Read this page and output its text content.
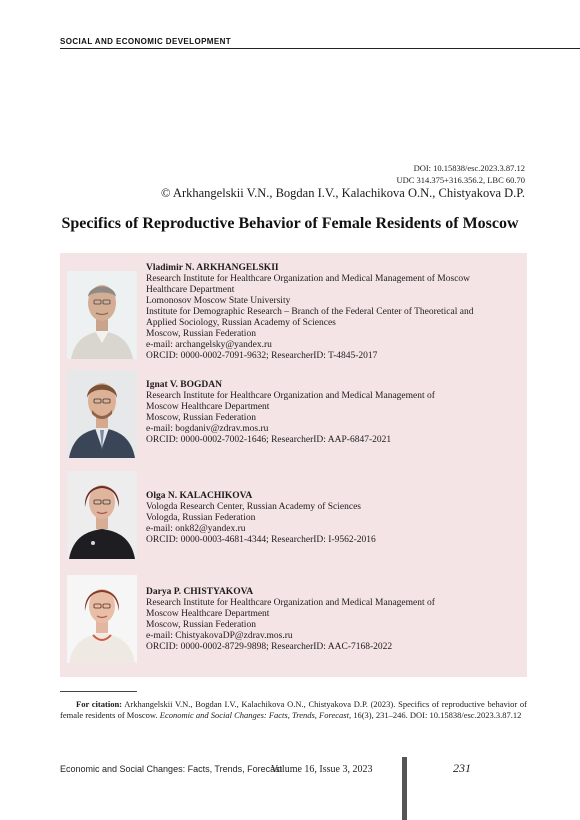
SOCIAL AND ECONOMIC DEVELOPMENT
DOI: 10.15838/esc.2023.3.87.12
UDC 314.375+316.356.2, LBC 60.70
© Arkhangelskii V.N., Bogdan I.V., Kalachikova O.N., Chistyakova D.P.
Specifics of Reproductive Behavior of Female Residents of Moscow
Vladimir N. ARKHANGELSKII
Research Institute for Healthcare Organization and Medical Management of Moscow
Healthcare Department
Lomonosov Moscow State University
Institute for Demographic Research – Branch of the Federal Center of Theoretical and
Applied Sociology, Russian Academy of Sciences
Moscow, Russian Federation
e-mail: archangelsky@yandex.ru
ORCID: 0000-0002-7091-9632; ResearcherID: T-4845-2017
Ignat V. BOGDAN
Research Institute for Healthcare Organization and Medical Management of
Moscow Healthcare Department
Moscow, Russian Federation
e-mail: bogdaniv@zdrav.mos.ru
ORCID: 0000-0002-7002-1646; ResearcherID: AAP-6847-2021
Olga N. KALACHIKOVA
Vologda Research Center, Russian Academy of Sciences
Vologda, Russian Federation
e-mail: onk82@yandex.ru
ORCID: 0000-0003-4681-4344; ResearcherID: I-9562-2016
Darya P. CHISTYAKOVA
Research Institute for Healthcare Organization and Medical Management of
Moscow Healthcare Department
Moscow, Russian Federation
e-mail: ChistyakovaDP@zdrav.mos.ru
ORCID: 0000-0002-8729-9898; ResearcherID: AAC-7168-2022
For citation: Arkhangelskii V.N., Bogdan I.V., Kalachikova O.N., Chistyakova D.P. (2023). Specifics of reproductive behavior of female residents of Moscow. Economic and Social Changes: Facts, Trends, Forecast, 16(3), 231–246. DOI: 10.15838/esc.2023.3.87.12
Economic and Social Changes: Facts, Trends, Forecast
Volume 16, Issue 3, 2023	231
